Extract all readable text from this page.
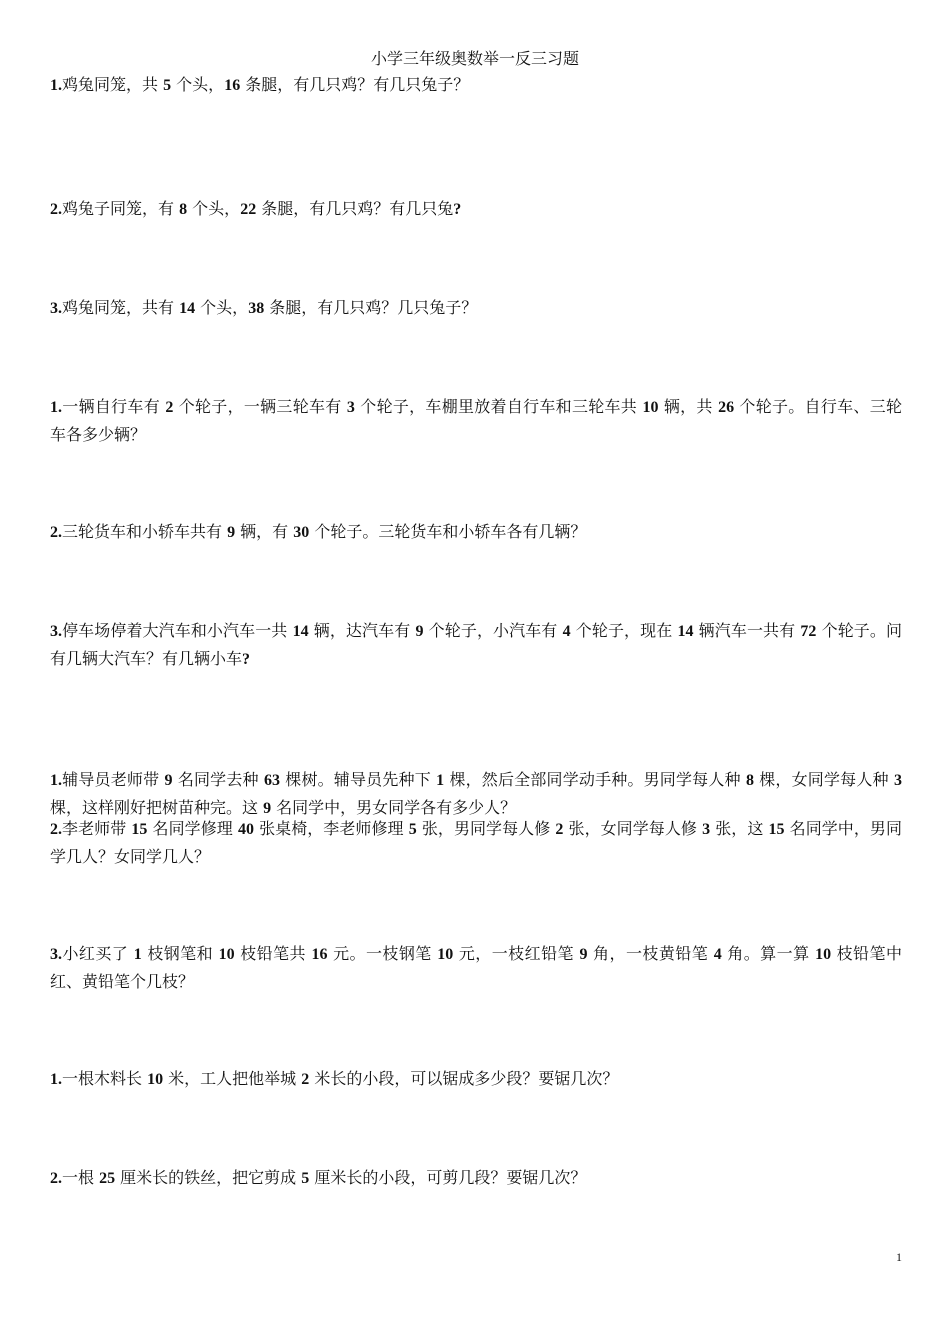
小学三年级奥数举一反三习题

1.鸡兔同笼，共 5 个头，16 条腿，有几只鸡？有几只兔子？

2.鸡兔子同笼，有 8 个头，22 条腿，有几只鸡？有几只兔?

3.鸡兔同笼，共有 14 个头，38 条腿，有几只鸡？几只兔子？

1.一辆自行车有 2 个轮子，一辆三轮车有 3 个轮子，车棚里放着自行车和三轮车共 10 辆，共 26 个轮子。自行车、三轮车各多少辆？

2.三轮货车和小轿车共有 9 辆，有 30 个轮子。三轮货车和小轿车各有几辆？

3.停车场停着大汽车和小汽车一共 14 辆，达汽车有 9 个轮子，小汽车有 4 个轮子，现在 14 辆汽车一共有 72 个轮子。问有几辆大汽车？有几辆小车?

1.辅导员老师带 9 名同学去种 63 棵树。辅导员先种下 1 棵，然后全部同学动手种。男同学每人种 8 棵，女同学每人种 3 棵，这样刚好把树苗种完。这 9 名同学中，男女同学各有多少人？

2.李老师带 15 名同学修理 40 张桌椅，李老师修理 5 张，男同学每人修 2 张，女同学每人修 3 张，这 15 名同学中，男同学几人？女同学几人？

3.小红买了 1 枝钢笔和 10 枝铅笔共 16 元。一枝钢笔 10 元，一枝红铅笔 9 角，一枝黄铅笔 4 角。算一算 10 枝铅笔中红、黄铅笔个几枝？

1.一根木料长 10 米，工人把他举城 2 米长的小段，可以锯成多少段？要锯几次？

2.一根 25 厘米长的铁丝，把它剪成 5 厘米长的小段，可剪几段？要锯几次？

1
